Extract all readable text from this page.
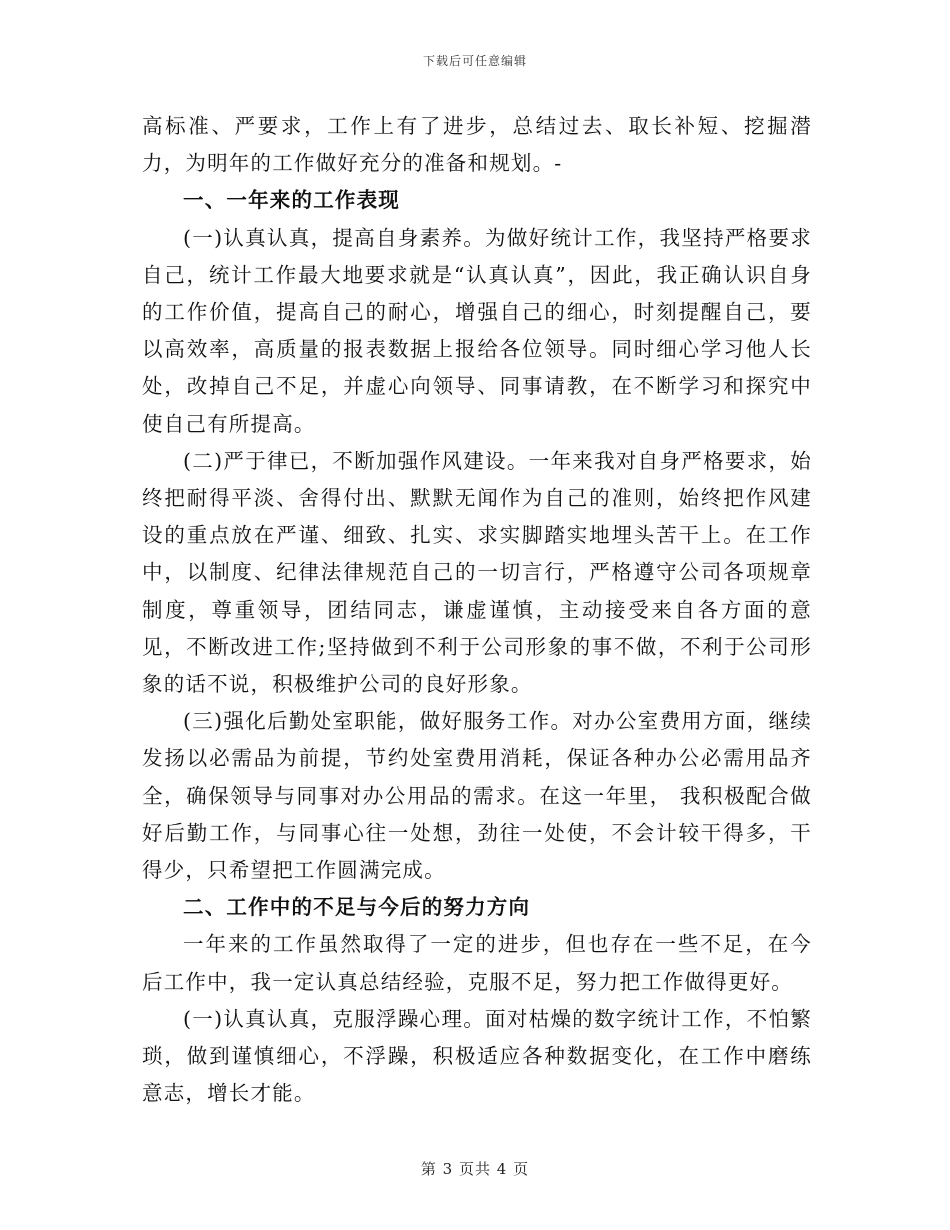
下载后可任意编辑

高标准、严要求，工作上有了进步，总结过去、取长补短、挖掘潜力，为明年的工作做好充分的准备和规划。-

一、一年来的工作表现

(一)认真认真，提高自身素养。为做好统计工作，我坚持严格要求自己，统计工作最大地要求就是“认真认真”，因此，我正确认识自身的工作价值，提高自己的耐心，增强自己的细心，时刻提醒自己，要以高效率，高质量的报表数据上报给各位领导。同时细心学习他人长处，改掉自己不足，并虚心向领导、同事请教，在不断学习和探究中使自己有所提高。

(二)严于律已，不断加强作风建设。一年来我对自身严格要求，始终把耐得平淡、舍得付出、默默无闻作为自己的准则，始终把作风建设的重点放在严谨、细致、扎实、求实脚踏实地埋头苦干上。在工作中，以制度、纪律法律规范自己的一切言行，严格遵守公司各项规章制度，尊重领导，团结同志，谦虚谨慎，主动接受来自各方面的意见，不断改进工作;坚持做到不利于公司形象的事不做，不利于公司形象的话不说，积极维护公司的良好形象。

(三)强化后勤处室职能，做好服务工作。对办公室费用方面，继续发扬以必需品为前提，节约处室费用消耗，保证各种办公必需用品齐全，确保领导与同事对办公用品的需求。在这一年里， 我积极配合做好后勤工作，与同事心往一处想，劲往一处使，不会计较干得多，干得少，只希望把工作圆满完成。

二、工作中的不足与今后的努力方向

一年来的工作虽然取得了一定的进步，但也存在一些不足，在今后工作中，我一定认真总结经验，克服不足，努力把工作做得更好。

(一)认真认真，克服浮躁心理。面对枯燥的数字统计工作，不怕繁琐，做到谨慎细心，不浮躁，积极适应各种数据变化，在工作中磨练意志，增长才能。

第 3 页共 4 页
